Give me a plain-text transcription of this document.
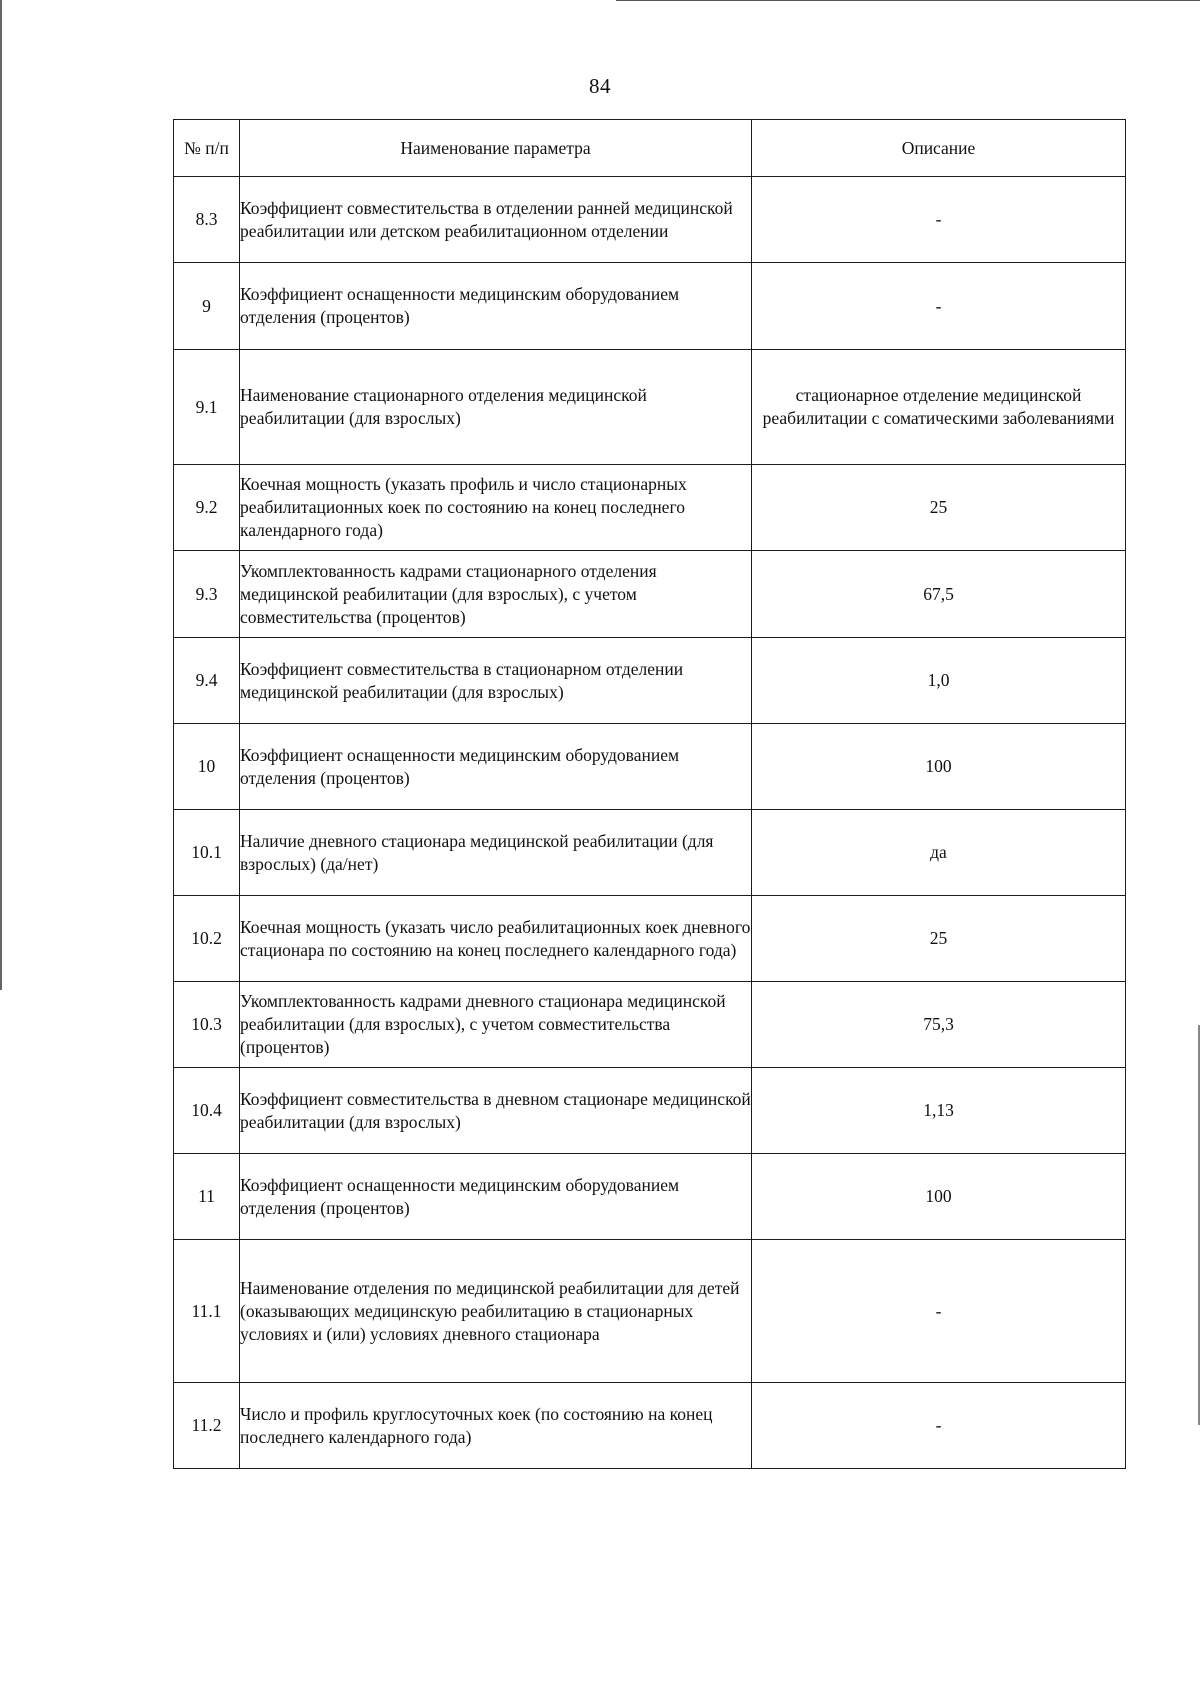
84
№ п/п	Наименование параметра	Описание
8.3	Коэффициент совместительства в отделении ранней медицинской реабилитации или детском реабилитационном отделении	-
9	Коэффициент оснащенности медицинским оборудованием отделения (процентов)	-
9.1	Наименование стационарного отделения медицинской реабилитации (для взрослых)	стационарное отделение медицинской реабилитации с соматическими заболеваниями
9.2	Коечная мощность (указать профиль и число стационарных реабилитационных коек по состоянию на конец последнего календарного года)	25
9.3	Укомплектованность кадрами стационарного отделения медицинской реабилитации (для взрослых), с учетом совместительства (процентов)	67,5
9.4	Коэффициент совместительства в стационарном отделении медицинской реабилитации (для взрослых)	1,0
10	Коэффициент оснащенности медицинским оборудованием отделения (процентов)	100
10.1	Наличие дневного стационара медицинской реабилитации (для взрослых) (да/нет)	да
10.2	Коечная мощность (указать число реабилитационных коек дневного стационара по состоянию на конец последнего календарного года)	25
10.3	Укомплектованность кадрами дневного стационара медицинской реабилитации (для взрослых), с учетом совместительства (процентов)	75,3
10.4	Коэффициент совместительства в дневном стационаре медицинской реабилитации (для взрослых)	1,13
11	Коэффициент оснащенности медицинским оборудованием отделения (процентов)	100
11.1	Наименование отделения по медицинской реабилитации для детей (оказывающих медицинскую реабилитацию в стационарных условиях и (или) условиях дневного стационара	-
11.2	Число и профиль круглосуточных коек (по состоянию на конец последнего календарного года)	-
